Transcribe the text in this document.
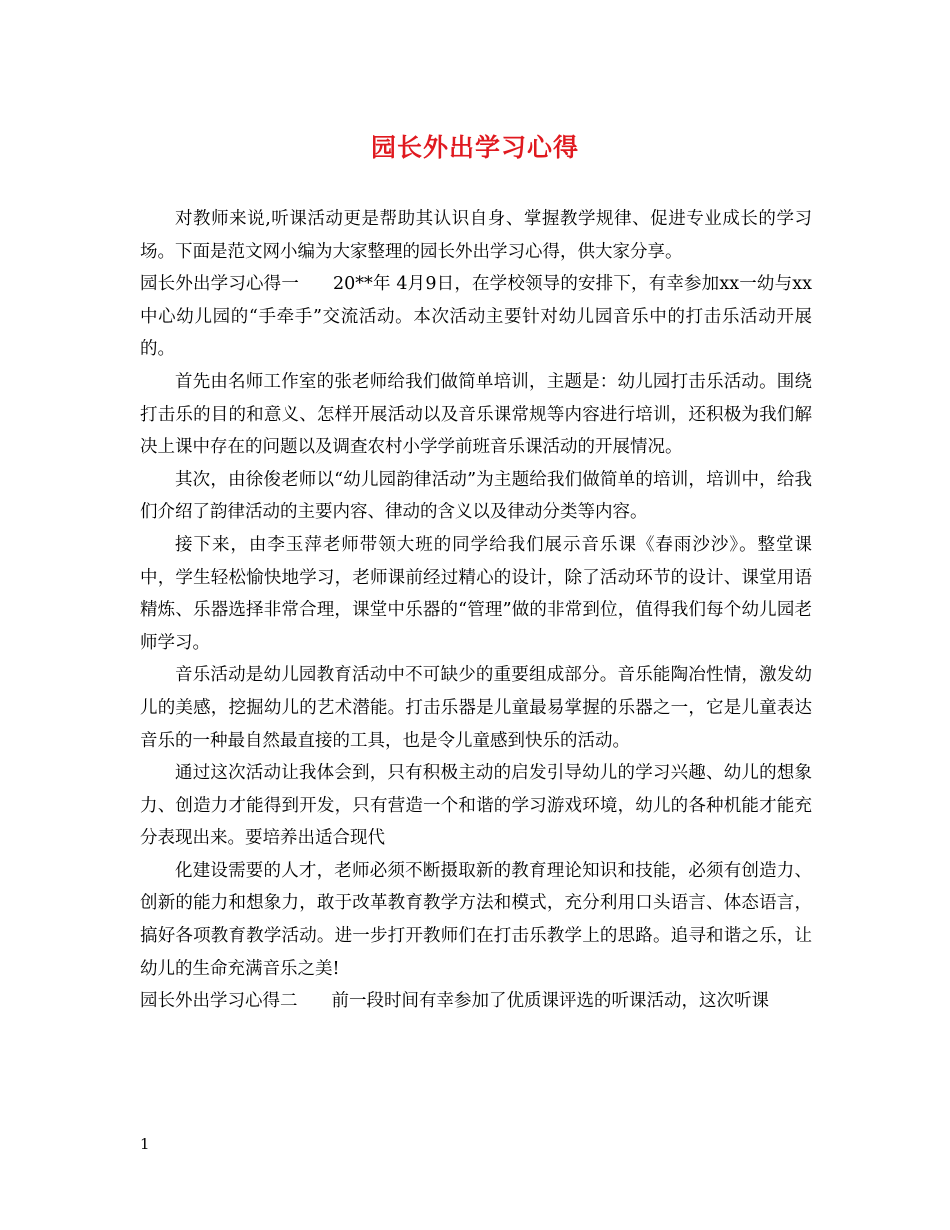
园长外出学习心得

对教师来说,听课活动更是帮助其认识自身、掌握教学规律、促进专业成长的学习场。下面是范文网小编为大家整理的园长外出学习心得，供大家分享。

园长外出学习心得一 20**年 4月9日，在学校领导的安排下，有幸参加xx一幼与xx中心幼儿园的“手牵手”交流活动。本次活动主要针对幼儿园音乐中的打击乐活动开展的。

首先由名师工作室的张老师给我们做简单培训，主题是：幼儿园打击乐活动。围绕打击乐的目的和意义、怎样开展活动以及音乐课常规等内容进行培训，还积极为我们解决上课中存在的问题以及调查农村小学学前班音乐课活动的开展情况。

其次，由徐俊老师以“幼儿园韵律活动”为主题给我们做简单的培训，培训中，给我们介绍了韵律活动的主要内容、律动的含义以及律动分类等内容。

接下来，由李玉萍老师带领大班的同学给我们展示音乐课《春雨沙沙》。整堂课中，学生轻松愉快地学习，老师课前经过精心的设计，除了活动环节的设计、课堂用语精炼、乐器选择非常合理，课堂中乐器的“管理”做的非常到位，值得我们每个幼儿园老师学习。

音乐活动是幼儿园教育活动中不可缺少的重要组成部分。音乐能陶冶性情，激发幼儿的美感，挖掘幼儿的艺术潜能。打击乐器是儿童最易掌握的乐器之一，它是儿童表达音乐的一种最自然最直接的工具，也是令儿童感到快乐的活动。

通过这次活动让我体会到，只有积极主动的启发引导幼儿的学习兴趣、幼儿的想象力、创造力才能得到开发，只有营造一个和谐的学习游戏环境，幼儿的各种机能才能充分表现出来。要培养出适合现代

化建设需要的人才，老师必须不断摄取新的教育理论知识和技能，必须有创造力、创新的能力和想象力，敢于改革教育教学方法和模式，充分利用口头语言、体态语言，搞好各项教育教学活动。进一步打开教师们在打击乐教学上的思路。追寻和谐之乐，让幼儿的生命充满音乐之美!

园长外出学习心得二 前一段时间有幸参加了优质课评选的听课活动，这次听课

1
